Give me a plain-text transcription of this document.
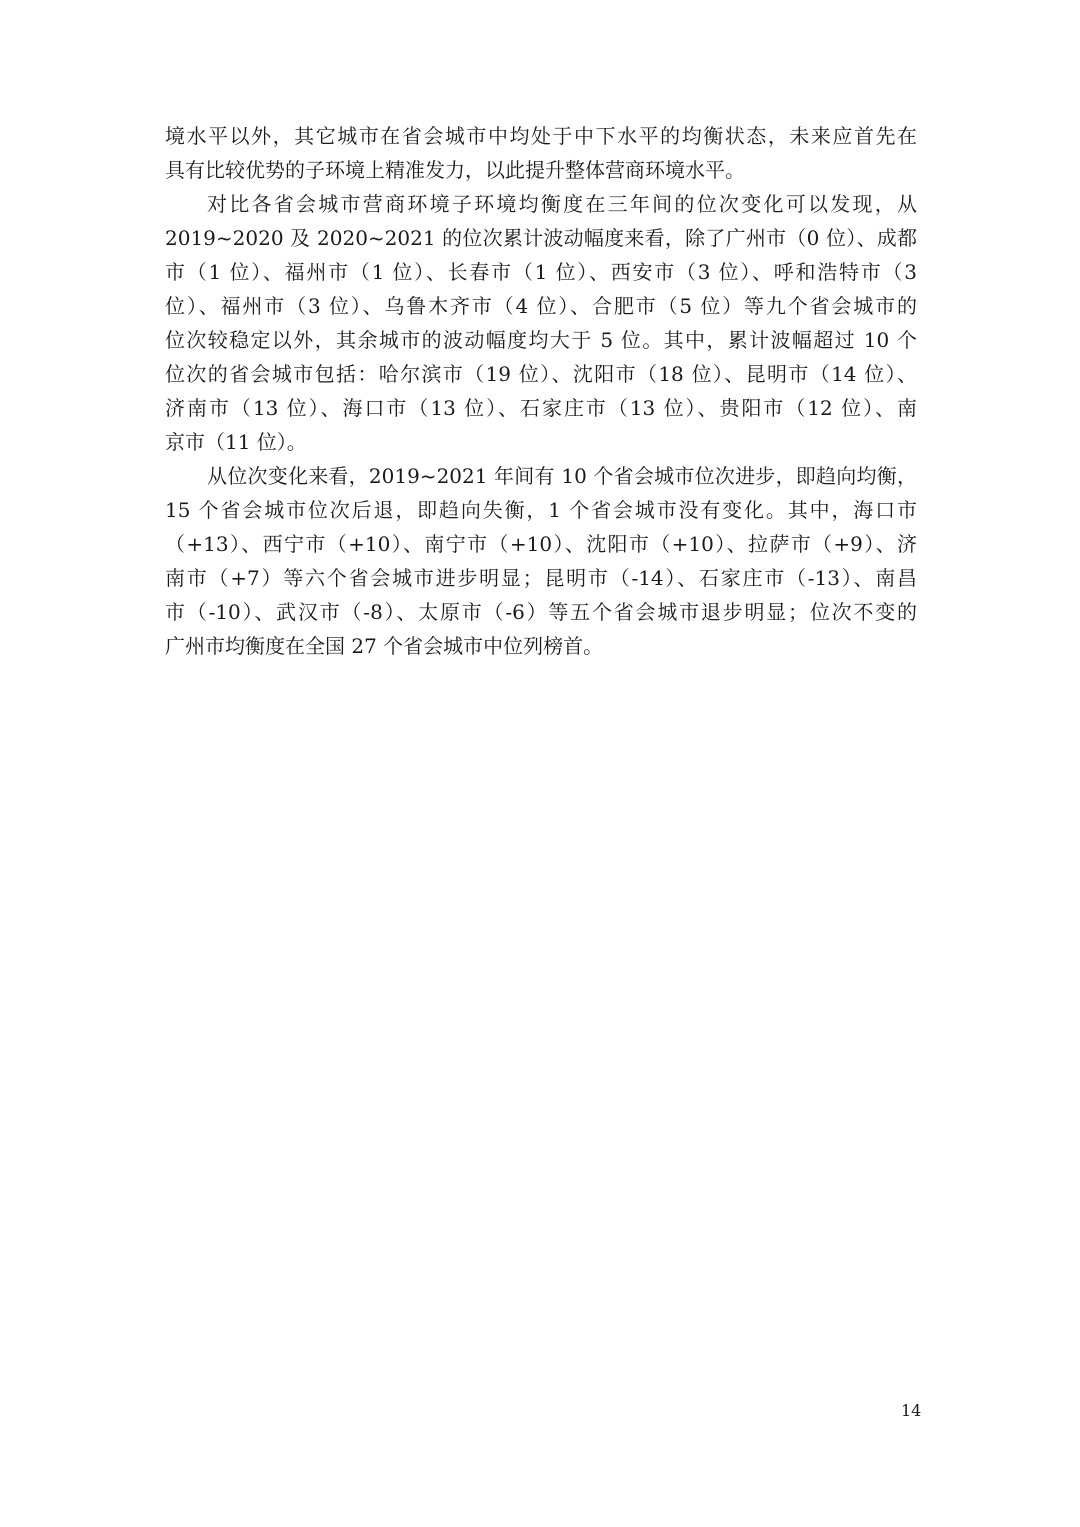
境水平以外，其它城市在省会城市中均处于中下水平的均衡状态，未来应首先在
具有比较优势的子环境上精准发力，以此提升整体营商环境水平。
对比各省会城市营商环境子环境均衡度在三年间的位次变化可以发现，从
2019~2020 及 2020~2021 的位次累计波动幅度来看，除了广州市（0 位）、成都
市（1 位）、福州市（1 位）、长春市（1 位）、西安市（3 位）、呼和浩特市（3
位）、福州市（3 位）、乌鲁木齐市（4 位）、合肥市（5 位）等九个省会城市的
位次较稳定以外，其余城市的波动幅度均大于 5 位。其中，累计波幅超过 10 个
位次的省会城市包括：哈尔滨市（19 位）、沈阳市（18 位）、昆明市（14 位）、
济南市（13 位）、海口市（13 位）、石家庄市（13 位）、贵阳市（12 位）、南
京市（11 位）。
从位次变化来看，2019~2021 年间有 10 个省会城市位次进步，即趋向均衡，
15 个省会城市位次后退，即趋向失衡，1 个省会城市没有变化。其中，海口市
（+13）、西宁市（+10）、南宁市（+10）、沈阳市（+10）、拉萨市（+9）、济
南市（+7）等六个省会城市进步明显；昆明市（-14）、石家庄市（-13）、南昌
市（-10）、武汉市（-8）、太原市（-6）等五个省会城市退步明显；位次不变的
广州市均衡度在全国 27 个省会城市中位列榜首。
14
